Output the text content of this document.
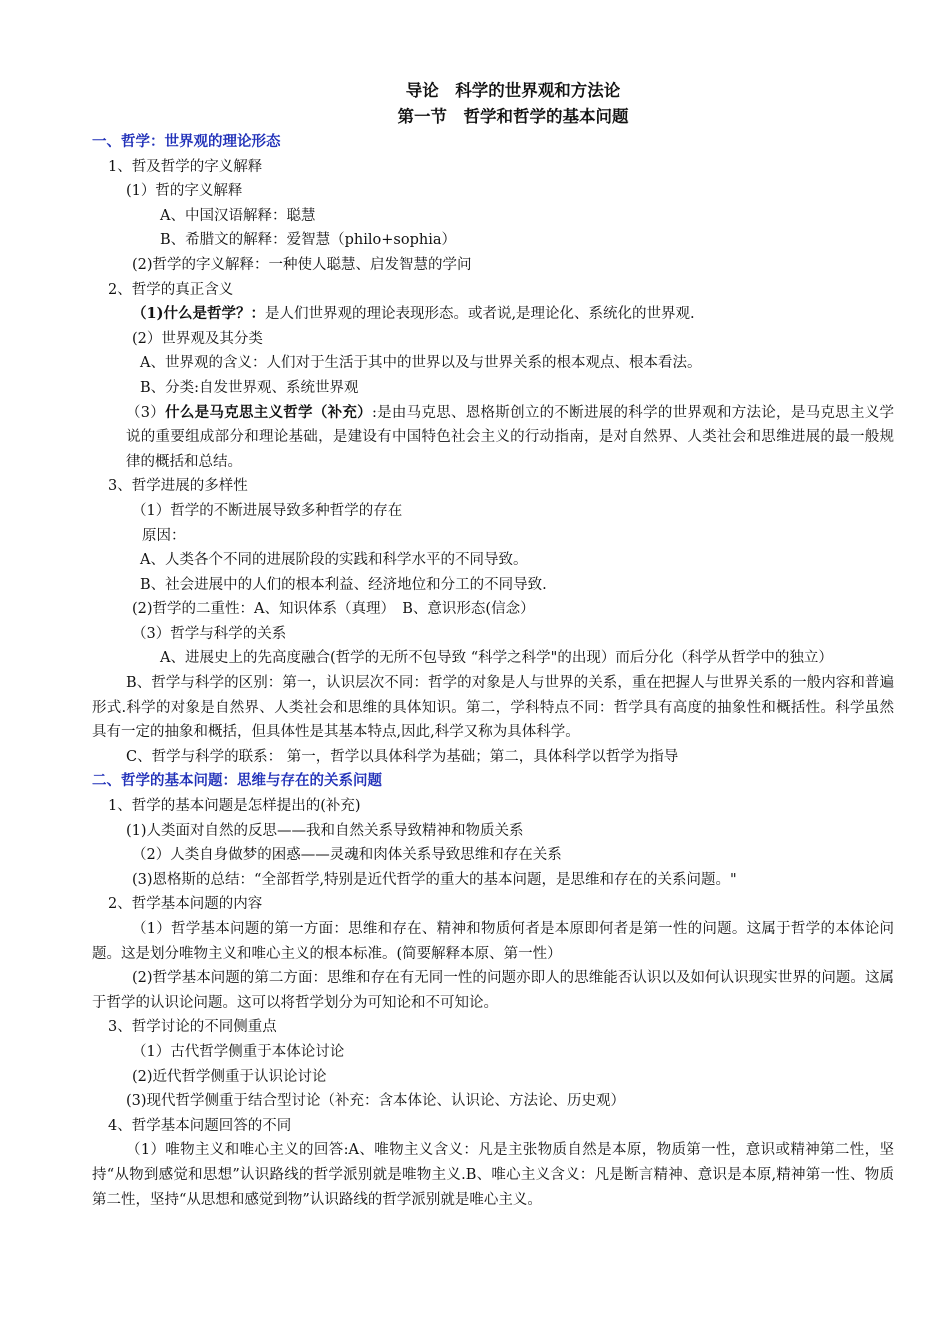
导论　科学的世界观和方法论
第一节　哲学和哲学的基本问题
一、哲学：世界观的理论形态
1、哲及哲学的字义解释
(1）哲的字义解释
A、中国汉语解释：聪慧
B、希腊文的解释：爱智慧（philo+sophia）
(2)哲学的字义解释：一种使人聪慧、启发智慧的学问
2、哲学的真正含义
（1)什么是哲学？：是人们世界观的理论表现形态。或者说,是理论化、系统化的世界观.
(2）世界观及其分类
A、世界观的含义：人们对于生活于其中的世界以及与世界关系的根本观点、根本看法。
B、分类:自发世界观、系统世界观
（3）什么是马克思主义哲学（补充）:是由马克思、恩格斯创立的不断进展的科学的世界观和方法论，是马克思主义学说的重要组成部分和理论基础，是建设有中国特色社会主义的行动指南，是对自然界、人类社会和思维进展的最一般规律的概括和总结。
3、哲学进展的多样性
（1）哲学的不断进展导致多种哲学的存在
原因：
A、人类各个不同的进展阶段的实践和科学水平的不同导致。
B、社会进展中的人们的根本利益、经济地位和分工的不同导致.
(2)哲学的二重性：A、知识体系（真理）　B、意识形态(信念）
（3）哲学与科学的关系
A、进展史上的先高度融合(哲学的无所不包导致 “科学之科学"的出现）而后分化（科学从哲学中的独立）
B、哲学与科学的区别：第一，认识层次不同：哲学的对象是人与世界的关系，重在把握人与世界关系的一般内容和普遍形式.科学的对象是自然界、人类社会和思维的具体知识。第二，学科特点不同：哲学具有高度的抽象性和概括性。科学虽然具有一定的抽象和概括，但具体性是其基本特点,因此,科学又称为具体科学。
C、哲学与科学的联系： 第一，哲学以具体科学为基础；第二，具体科学以哲学为指导
二、哲学的基本问题：思维与存在的关系问题
1、哲学的基本问题是怎样提出的(补充)
(1)人类面对自然的反思——我和自然关系导致精神和物质关系
（2）人类自身做梦的困惑——灵魂和肉体关系导致思维和存在关系
(3)恩格斯的总结：“全部哲学,特别是近代哲学的重大的基本问题，是思维和存在的关系问题。"
2、哲学基本问题的内容
（1）哲学基本问题的第一方面：思维和存在、精神和物质何者是本原即何者是第一性的问题。这属于哲学的本体论问题。这是划分唯物主义和唯心主义的根本标准。(简要解释本原、第一性）
(2)哲学基本问题的第二方面：思维和存在有无同一性的问题亦即人的思维能否认识以及如何认识现实世界的问题。这属于哲学的认识论问题。这可以将哲学划分为可知论和不可知论。
3、哲学讨论的不同侧重点
（1）古代哲学侧重于本体论讨论
(2)近代哲学侧重于认识论讨论
(3)现代哲学侧重于结合型讨论（补充：含本体论、认识论、方法论、历史观）
4、哲学基本问题回答的不同
（1）唯物主义和唯心主义的回答:A、唯物主义含义：凡是主张物质自然是本原，物质第一性，意识或精神第二性，坚持“从物到感觉和思想”认识路线的哲学派别就是唯物主义.B、唯心主义含义：凡是断言精神、意识是本原,精神第一性、物质第二性，坚持“从思想和感觉到物”认识路线的哲学派别就是唯心主义。
